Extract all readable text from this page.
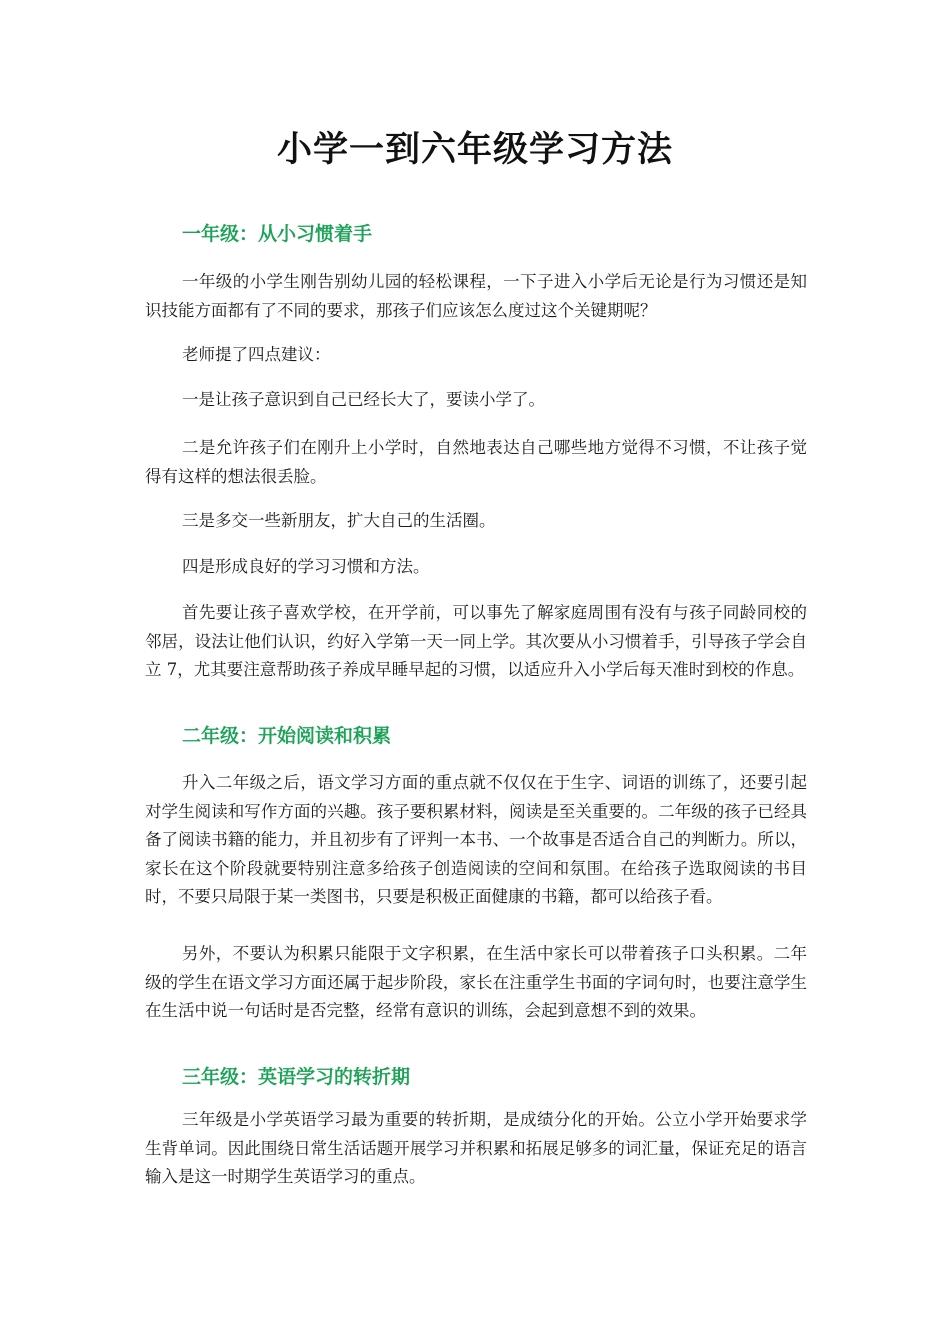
小学一到六年级学习方法
一年级：从小习惯着手

一年级的小学生刚告别幼儿园的轻松课程，一下子进入小学后无论是行为习惯还是知识技能方面都有了不同的要求，那孩子们应该怎么度过这个关键期呢？

老师提了四点建议：

一是让孩子意识到自己已经长大了，要读小学了。

二是允许孩子们在刚升上小学时，自然地表达自己哪些地方觉得不习惯，不让孩子觉得有这样的想法很丢脸。

三是多交一些新朋友，扩大自己的生活圈。

四是形成良好的学习习惯和方法。

首先要让孩子喜欢学校，在开学前，可以事先了解家庭周围有没有与孩子同龄同校的邻居，设法让他们认识，约好入学第一天一同上学。其次要从小习惯着手，引导孩子学会自立 7，尤其要注意帮助孩子养成早睡早起的习惯，以适应升入小学后每天准时到校的作息。

二年级：开始阅读和积累

升入二年级之后，语文学习方面的重点就不仅仅在于生字、词语的训练了，还要引起对学生阅读和写作方面的兴趣。孩子要积累材料，阅读是至关重要的。二年级的孩子已经具备了阅读书籍的能力，并且初步有了评判一本书、一个故事是否适合自己的判断力。所以，家长在这个阶段就要特别注意多给孩子创造阅读的空间和氛围。在给孩子选取阅读的书目时，不要只局限于某一类图书，只要是积极正面健康的书籍，都可以给孩子看。

另外，不要认为积累只能限于文字积累，在生活中家长可以带着孩子口头积累。二年级的学生在语文学习方面还属于起步阶段，家长在注重学生书面的字词句时，也要注意学生在生活中说一句话时是否完整，经常有意识的训练，会起到意想不到的效果。

三年级：英语学习的转折期

三年级是小学英语学习最为重要的转折期，是成绩分化的开始。公立小学开始要求学生背单词。因此围绕日常生活话题开展学习并积累和拓展足够多的词汇量，保证充足的语言输入是这一时期学生英语学习的重点。
